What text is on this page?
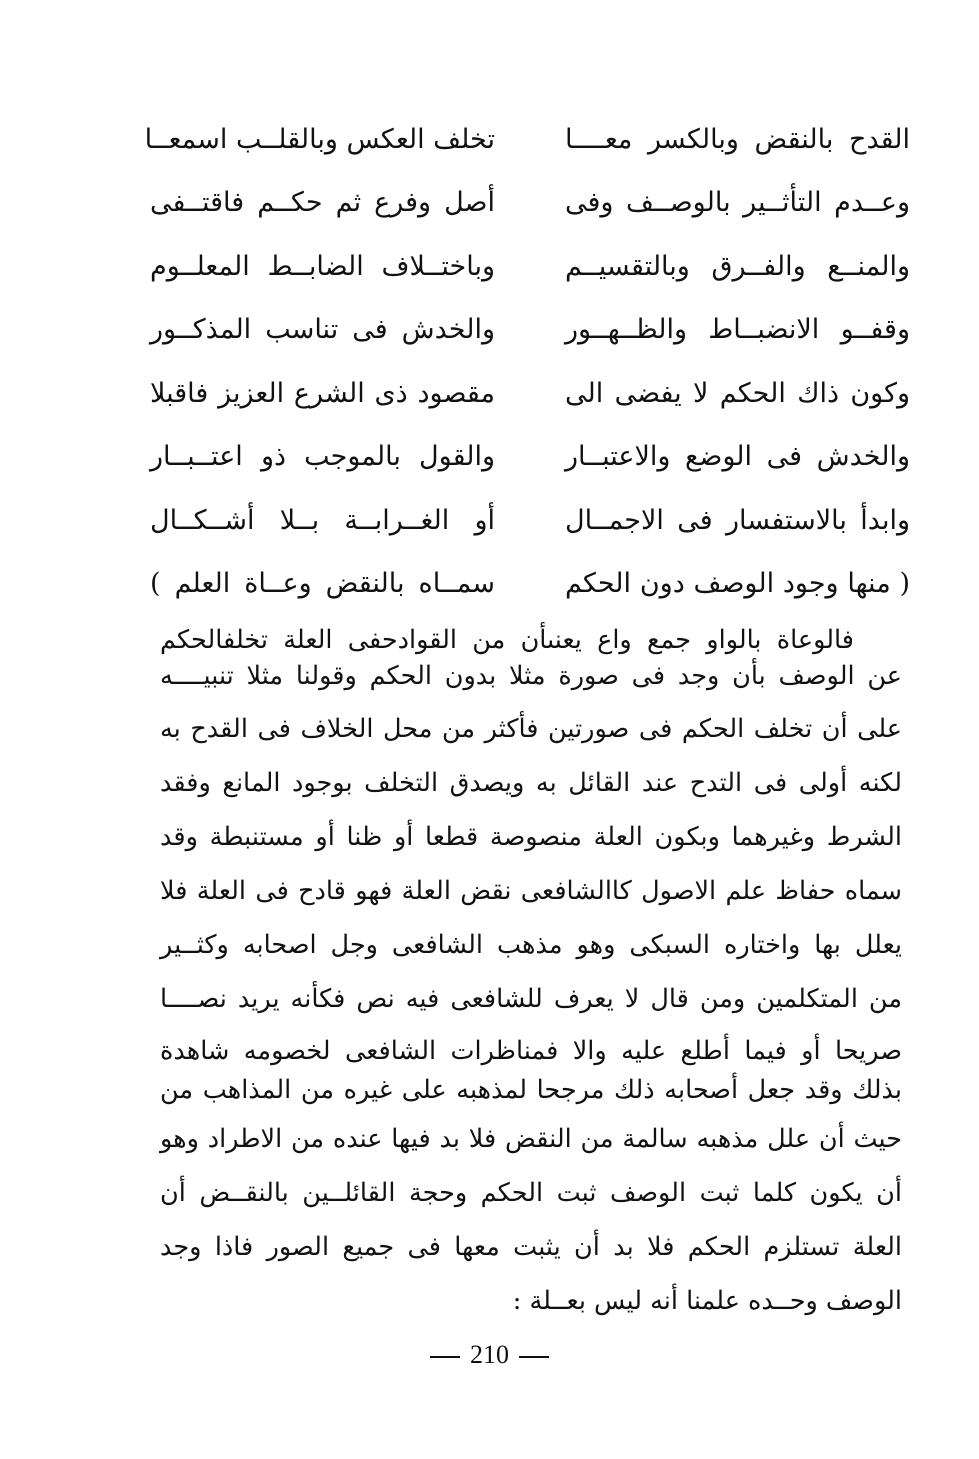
القدح بالنقض وبالكسر معــــا
تخلف العكس وبالقلــب اسمعــا
وعــدم التأثــير بالوصــف وفى
أصل وفرع ثم حكــم فاقتــفى
والمنــع والفــرق وبالتقسيــم
وباختــلاف الضابــط المعلــوم
وقفــو الانضبــاط والظــهــور
والخدش فى تناسب المذكــور
وكون ذاك الحكم لا يفضى الى
مقصود ذى الشرع العزيز فاقبلا
والخدش فى الوضع والاعتبــار
والقول بالموجب ذو اعتــبــار
وابدأ بالاستفسار فى الاجمــال
أو الغــرابــة بــلا أشــكــال
( منها وجود الوصف دون الحكم
سمــاه بالنقض وعــاة العلم )

فالوعاة بالواو جمع واع يعنىأن من القوادحفى العلة تخلفالحكم

عن الوصف بأن وجد فى صورة مثلا بدون الحكم وقولنا مثلا تنبيــــه

على أن تخلف الحكم فى صورتين فأكثر من محل الخلاف فى القدح به

لكنه أولى فى التدح عند القائل به ويصدق التخلف بوجود المانع وفقد

الشرط وغيرهما وبكون العلة منصوصة قطعا أو ظنا أو مستنبطة وقد

سماه حفاظ علم الاصول كاالشافعى نقض العلة فهو قادح فى العلة فلا

يعلل بها واختاره السبكى وهو مذهب الشافعى وجل اصحابه وكثــير

من المتكلمين ومن قال لا يعرف للشافعى فيه نص فكأنه يريد نصــــا

صريحا أو فيما أطلع عليه والا فمناظرات الشافعى لخصومه شاهدة

بذلك وقد جعل أصحابه ذلك مرجحا لمذهبه على غيره من المذاهب من

حيث أن علل مذهبه سالمة من النقض فلا بد فيها عنده من الاطراد وهو

أن يكون كلما ثبت الوصف ثبت الحكم وحجة القائلــين بالنقــض أن

العلة تستلزم الحكم فلا بد أن يثبت معها فى جميع الصور فاذا وجد

الوصف وحــده علمنا أنه ليس بعــلة :

210
